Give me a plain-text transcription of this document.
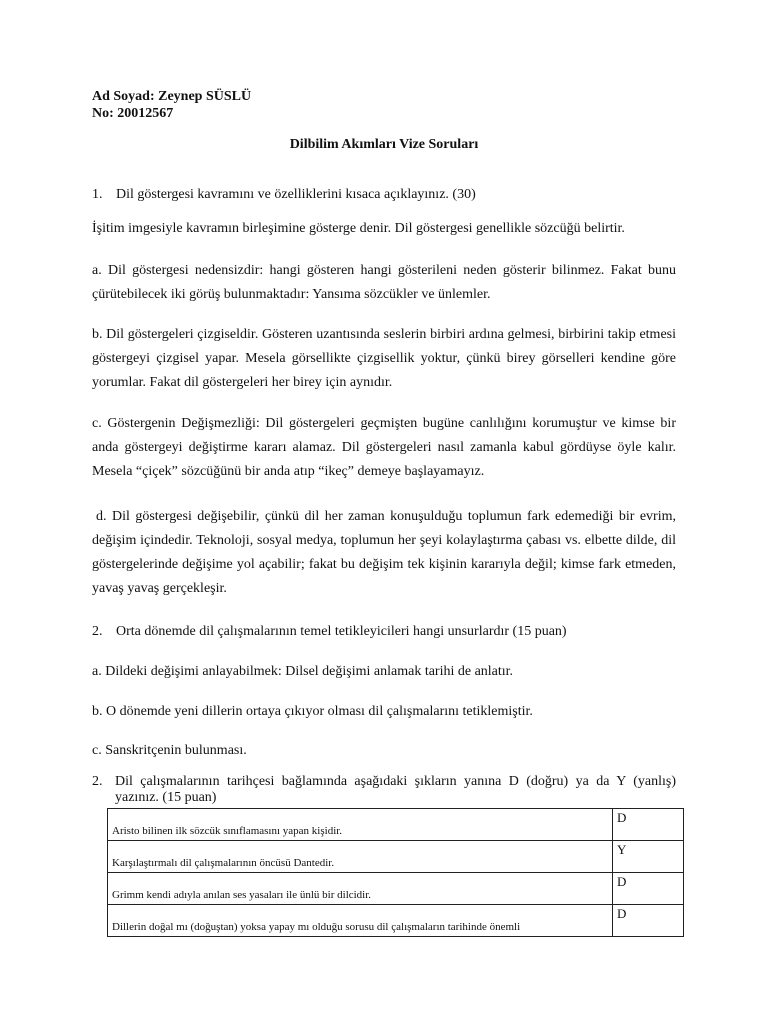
Ad Soyad: Zeynep SÜSLÜ
No: 20012567
Dilbilim Akımları Vize Soruları
1. Dil göstergesi kavramını ve özelliklerini kısaca açıklayınız. (30)
İşitim imgesiyle kavramın birleşimine gösterge denir. Dil göstergesi genellikle sözcüğü belirtir.
a. Dil göstergesi nedensizdir: hangi gösteren hangi gösterileni neden gösterir bilinmez. Fakat bunu çürütebilecek iki görüş bulunmaktadır: Yansıma sözcükler ve ünlemler.
b. Dil göstergeleri çizgiseldir. Gösteren uzantısında seslerin birbiri ardına gelmesi, birbirini takip etmesi göstergeyi çizgisel yapar. Mesela görsellikte çizgisellik yoktur, çünkü birey görselleri kendine göre yorumlar. Fakat dil göstergeleri her birey için aynıdır.
c. Göstergenin Değişmezliği: Dil göstergeleri geçmişten bugüne canlılığını korumuştur ve kimse bir anda göstergeyi değiştirme kararı alamaz. Dil göstergeleri nasıl zamanla kabul gördüyse öyle kalır. Mesela “çiçek” sözcüğünü bir anda atıp “ikeç” demeye başlayamayız.
d. Dil göstergesi değişebilir, çünkü dil her zaman konuşulduğu toplumun fark edemediği bir evrim, değişim içindedir. Teknoloji, sosyal medya, toplumun her şeyi kolaylaştırma çabası vs. elbette dilde, dil göstergelerinde değişime yol açabilir; fakat bu değişim tek kişinin kararıyla değil; kimse fark etmeden, yavaş yavaş gerçekleşir.
2. Orta dönemde dil çalışmalarının temel tetikleyicileri hangi unsurlardır (15 puan)
a. Dildeki değişimi anlayabilmek: Dilsel değişimi anlamak tarihi de anlatır.
b. O dönemde yeni dillerin ortaya çıkıyor olması dil çalışmalarını tetiklemiştir.
c. Sanskritçenin bulunması.
2. Dil çalışmalarının tarihçesi bağlamında aşağıdaki şıkların yanına D (doğru) ya da Y (yanlış) yazınız. (15 puan)
Aristo bilinen ilk sözcük sınıflamasını yapan kişidir.	D
Karşılaştırmalı dil çalışmalarının öncüsü Dantedir.	Y
Grimm kendi adıyla anılan ses yasaları ile ünlü bir dilcidir.	D
Dillerin doğal mı (doğuştan) yoksa yapay mı olduğu sorusu dil çalışmaların tarihinde önemli	D
